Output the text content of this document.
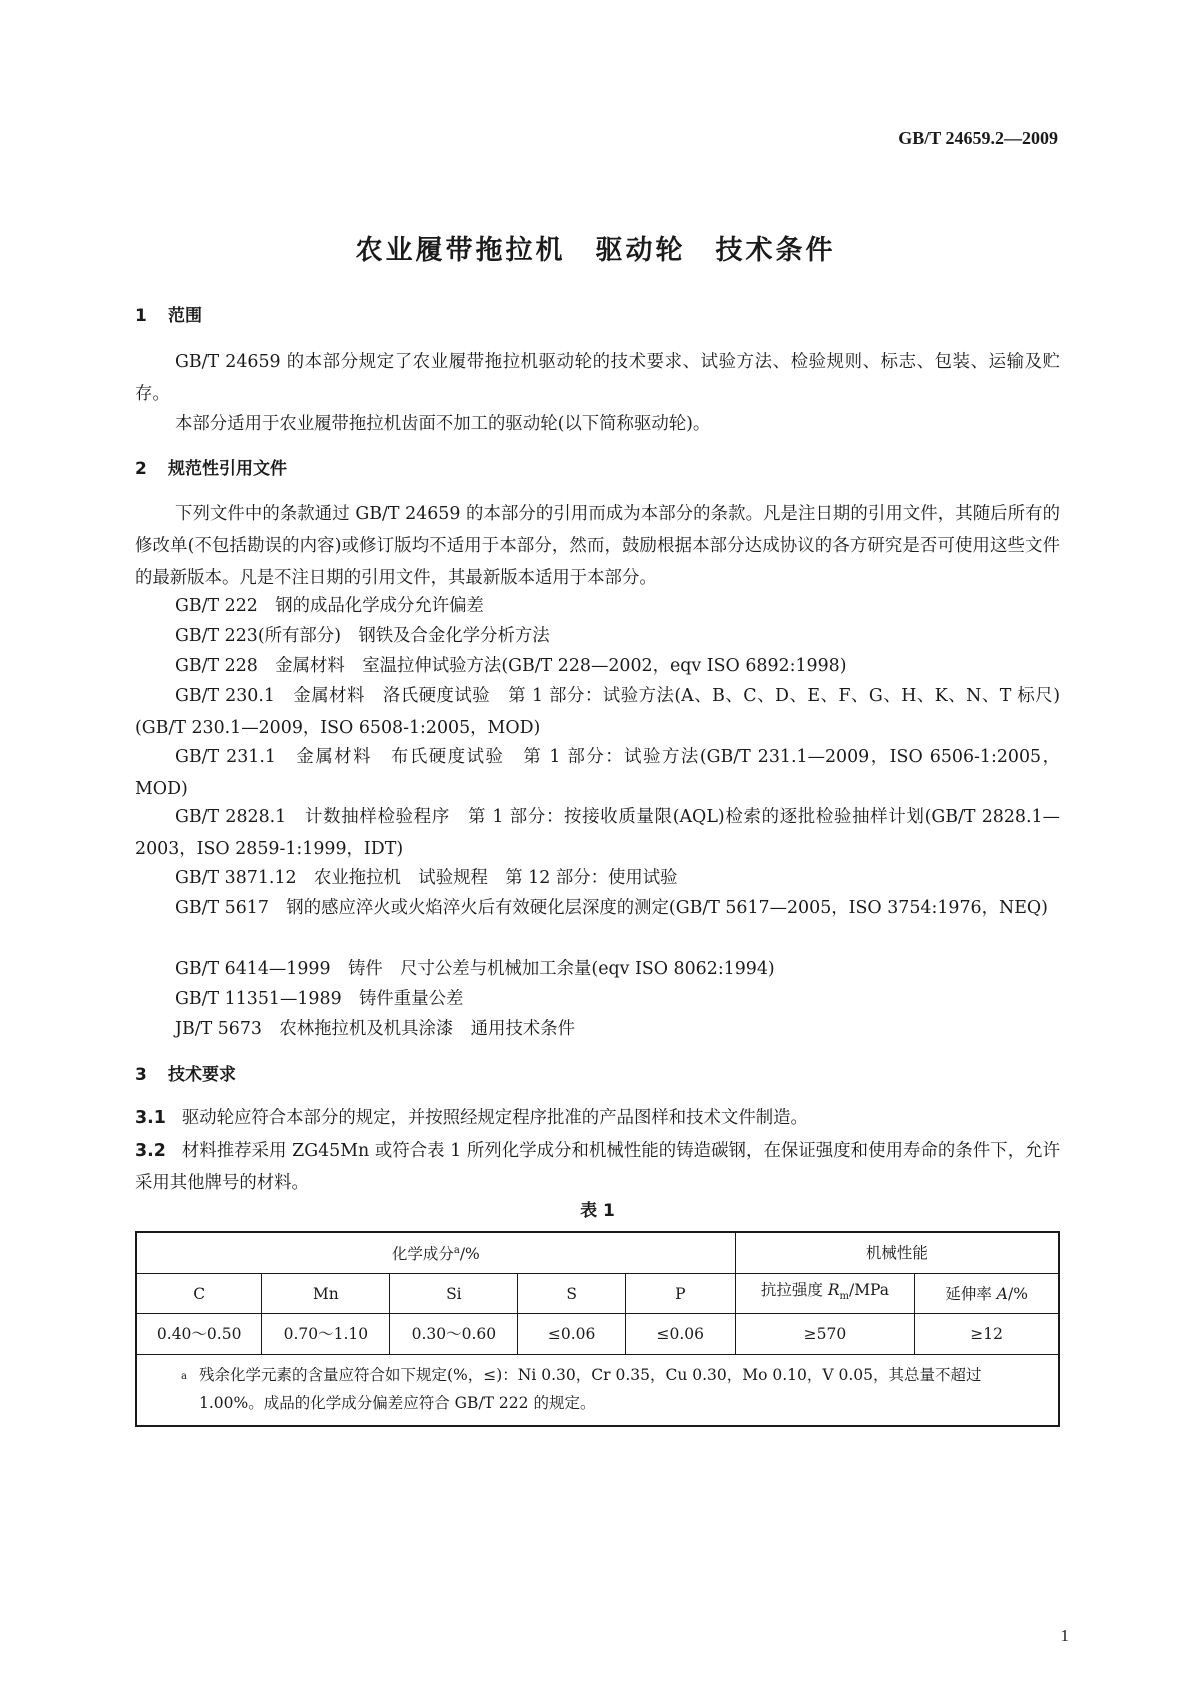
GB/T 24659.2—2009
农业履带拖拉机　驱动轮　技术条件
1 范围

GB/T 24659 的本部分规定了农业履带拖拉机驱动轮的技术要求、试验方法、检验规则、标志、包装、运输及贮存。

本部分适用于农业履带拖拉机齿面不加工的驱动轮(以下简称驱动轮)。

2 规范性引用文件

下列文件中的条款通过 GB/T 24659 的本部分的引用而成为本部分的条款。凡是注日期的引用文件，其随后所有的修改单(不包括勘误的内容)或修订版均不适用于本部分，然而，鼓励根据本部分达成协议的各方研究是否可使用这些文件的最新版本。凡是不注日期的引用文件，其最新版本适用于本部分。

GB/T 222　钢的成品化学成分允许偏差

GB/T 223(所有部分)　钢铁及合金化学分析方法

GB/T 228　金属材料　室温拉伸试验方法(GB/T 228—2002，eqv ISO 6892:1998)

GB/T 230.1　金属材料　洛氏硬度试验　第 1 部分：试验方法(A、B、C、D、E、F、G、H、K、N、T 标尺)(GB/T 230.1—2009，ISO 6508-1:2005，MOD)

GB/T 231.1　金属材料　布氏硬度试验　第 1 部分：试验方法(GB/T 231.1—2009，ISO 6506-1:2005，MOD)

GB/T 2828.1　计数抽样检验程序　第 1 部分：按接收质量限(AQL)检索的逐批检验抽样计划(GB/T 2828.1—2003，ISO 2859-1:1999，IDT)

GB/T 3871.12　农业拖拉机　试验规程　第 12 部分：使用试验

GB/T 5617　钢的感应淬火或火焰淬火后有效硬化层深度的测定(GB/T 5617—2005，ISO 3754:1976，NEQ)

GB/T 6414—1999　铸件　尺寸公差与机械加工余量(eqv ISO 8062:1994)

GB/T 11351—1989　铸件重量公差

JB/T 5673　农林拖拉机及机具涂漆　通用技术条件

3 技术要求

3.1 驱动轮应符合本部分的规定，并按照经规定程序批准的产品图样和技术文件制造。

3.2 材料推荐采用 ZG45Mn 或符合表 1 所列化学成分和机械性能的铸造碳钢，在保证强度和使用寿命的条件下，允许采用其他牌号的材料。

表 1
化学成分$^a$/%					机械性能	
C	Mn	Si	S	P	抗拉强度 $R_m$/MPa	延伸率 A/%
0.40～0.50	0.70～1.10	0.30～0.60	≤0.06	≤0.06	≥570	≥12

a 残余化学元素的含量应符合如下规定(%，≤)：Ni 0.30，Cr 0.35，Cu 0.30，Mo 0.10，V 0.05，其总量不超过 1.00%。成品的化学成分偏差应符合 GB/T 222 的规定。						
1
